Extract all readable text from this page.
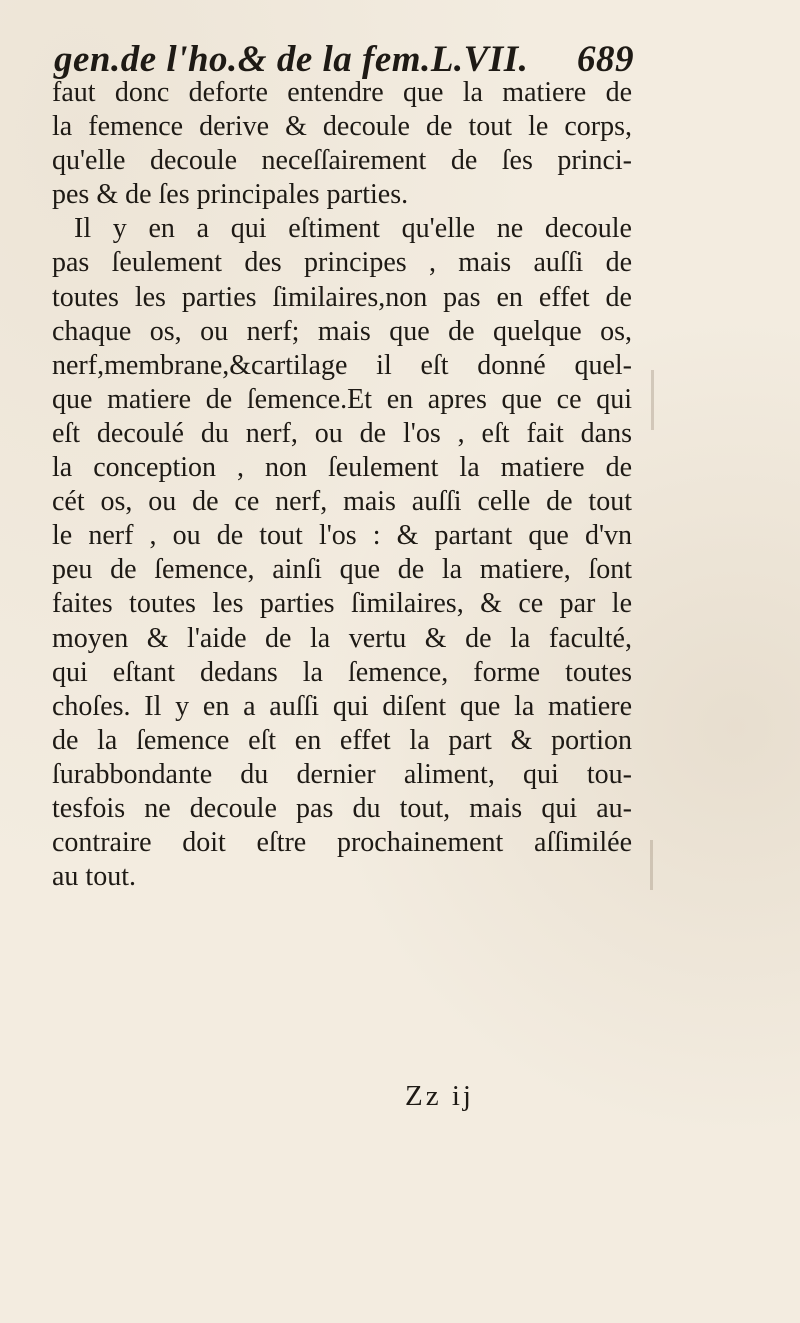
gen.de l'ho.& de la fem.L.VII. 689
faut donc deforte entendre que la matiere de
la femence derive & decoule de tout le corps,
qu'elle decoule neceſſairement de ſes princi-
pes & de ſes principales parties.
Il y en a qui eſtiment qu'elle ne decoule
pas ſeulement des principes , mais auſſi de
toutes les parties ſimilaires,non pas en effet de
chaque os, ou nerf; mais que de quelque os,
nerf,membrane,&cartilage il eſt donné quel-
que matiere de ſemence.Et en apres que ce qui
eſt decoulé du nerf, ou de l'os , eſt fait dans
la conception , non ſeulement la matiere de
cét os, ou de ce nerf, mais auſſi celle de tout
le nerf , ou de tout l'os : & partant que d'vn
peu de ſemence, ainſi que de la matiere, ſont
faites toutes les parties ſimilaires, & ce par le
moyen & l'aide de la vertu & de la faculté,
qui eſtant dedans la ſemence, forme toutes
choſes. Il y en a auſſi qui diſent que la matiere
de la ſemence eſt en effet la part & portion
ſurabbondante du dernier aliment, qui tou-
tesfois ne decoule pas du tout, mais qui au-
contraire doit eſtre prochainement aſſimilée
au tout.
Zz ij
